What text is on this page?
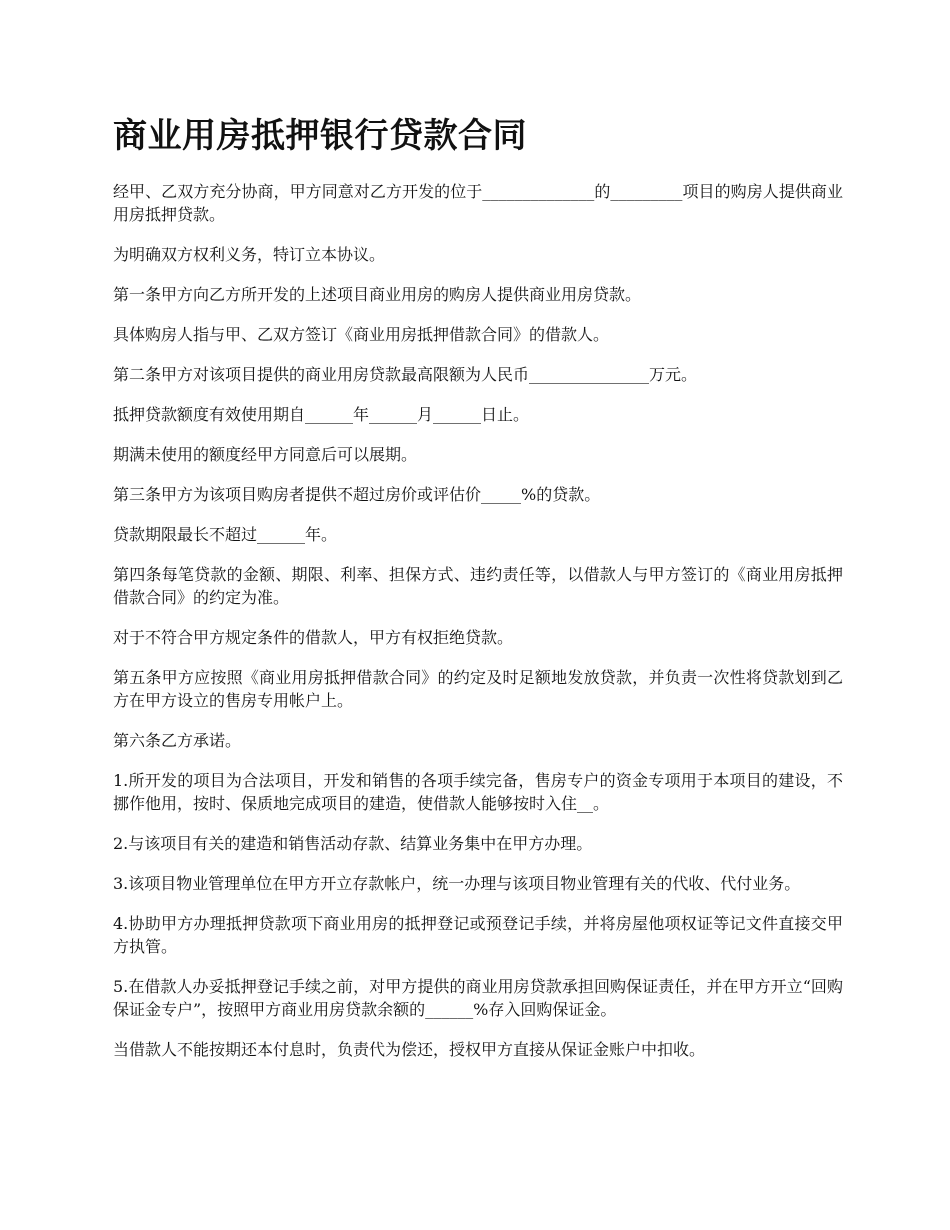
商业用房抵押银行贷款合同

经甲、乙双方充分协商，甲方同意对乙方开发的位于______________的_________项目的购房人提供商业用房抵押贷款。

为明确双方权利义务，特订立本协议。

第一条甲方向乙方所开发的上述项目商业用房的购房人提供商业用房贷款。

具体购房人指与甲、乙双方签订《商业用房抵押借款合同》的借款人。

第二条甲方对该项目提供的商业用房贷款最高限额为人民币_______________万元。

抵押贷款额度有效使用期自______年______月______日止。

期满未使用的额度经甲方同意后可以展期。

第三条甲方为该项目购房者提供不超过房价或评估价_____%的贷款。

贷款期限最长不超过______年。

第四条每笔贷款的金额、期限、利率、担保方式、违约责任等，以借款人与甲方签订的《商业用房抵押借款合同》的约定为准。

对于不符合甲方规定条件的借款人，甲方有权拒绝贷款。

第五条甲方应按照《商业用房抵押借款合同》的约定及时足额地发放贷款，并负责一次性将贷款划到乙方在甲方设立的售房专用帐户上。

第六条乙方承诺。

1.所开发的项目为合法项目，开发和销售的各项手续完备，售房专户的资金专项用于本项目的建设，不挪作他用，按时、保质地完成项目的建造，使借款人能够按时入住__。

2.与该项目有关的建造和销售活动存款、结算业务集中在甲方办理。

3.该项目物业管理单位在甲方开立存款帐户，统一办理与该项目物业管理有关的代收、代付业务。

4.协助甲方办理抵押贷款项下商业用房的抵押登记或预登记手续，并将房屋他项权证等记文件直接交甲方执管。

5.在借款人办妥抵押登记手续之前，对甲方提供的商业用房贷款承担回购保证责任，并在甲方开立“回购保证金专户”，按照甲方商业用房贷款余额的______%存入回购保证金。

当借款人不能按期还本付息时，负责代为偿还，授权甲方直接从保证金账户中扣收。
